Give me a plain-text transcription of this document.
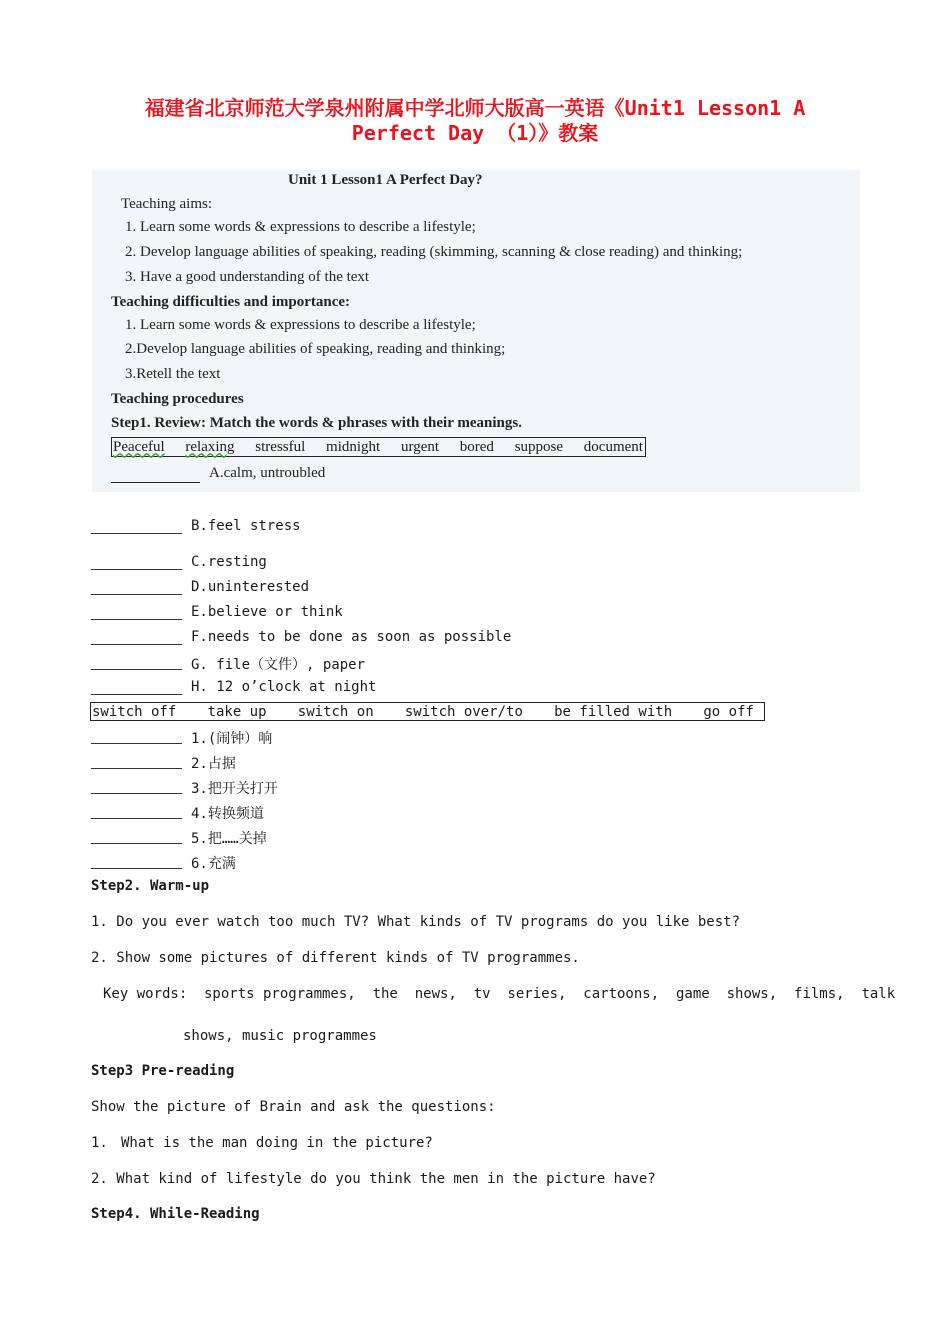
福建省北京师范大学泉州附属中学北师大版高一英语《Unit1 Lesson1 A
Perfect Day （1）》教案
Unit 1 Lesson1 A Perfect Day?
Teaching aims:
1. Learn some words & expressions to describe a lifestyle;
2. Develop language abilities of speaking, reading (skimming, scanning & close reading) and thinking;
3. Have a good understanding of the text
Teaching difficulties and importance:
1. Learn some words & expressions to describe a lifestyle;
2.Develop language abilities of speaking, reading and thinking;
3.Retell the text
Teaching procedures
Step1. Review: Match the words & phrases with their meanings.
Peaceful relaxing stressful midnight urgent bored suppose document
A.calm, untroubled
B.feel stress
C.resting
D.uninterested
E.believe or think
F.needs to be done as soon as possible
G. file（文件）, paper
H. 12 o’clock at night
switch off take up switch on switch over/to be filled with go off
1.(闹钟）响
2.占据
3.把开关打开
4.转换频道
5.把……关掉
6.充满
Step2. Warm-up
1. Do you ever watch too much TV? What kinds of TV programs do you like best?
2. Show some pictures of different kinds of TV programmes.
Key words: sports programmes,  the  news,  tv  series,  cartoons,  game  shows,  films,  talk
shows, music programmes
Step3 Pre-reading
Show the picture of Brain and ask the questions:
1. What is the man doing in the picture?
2. What kind of lifestyle do you think the men in the picture have?
Step4. While-Reading
